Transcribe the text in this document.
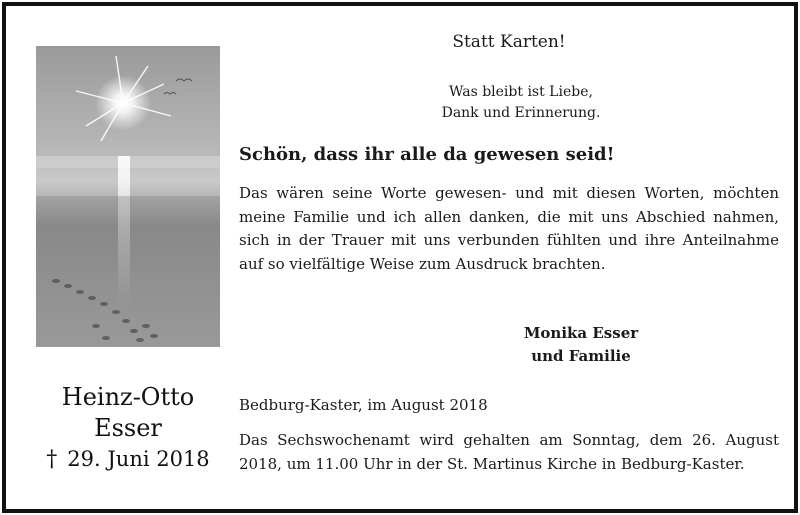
Heinz-Otto
Esser
† 29. Juni 2018
Statt Karten!
Was bleibt ist Liebe,
Dank und Erinnerung.
Schön, dass ihr alle da gewesen seid!
Das wären seine Worte gewesen- und mit diesen Worten, möchten meine Familie und ich allen danken, die mit uns Abschied nahmen, sich in der Trauer mit uns verbunden fühlten und ihre Anteilnahme auf so vielfältige Weise zum Ausdruck brachten.
Monika Esser
und Familie
Bedburg-Kaster, im August 2018
Das Sechswochenamt wird gehalten am Sonntag, dem 26. August 2018, um 11.00 Uhr in der St. Martinus Kirche in Bedburg-Kaster.
